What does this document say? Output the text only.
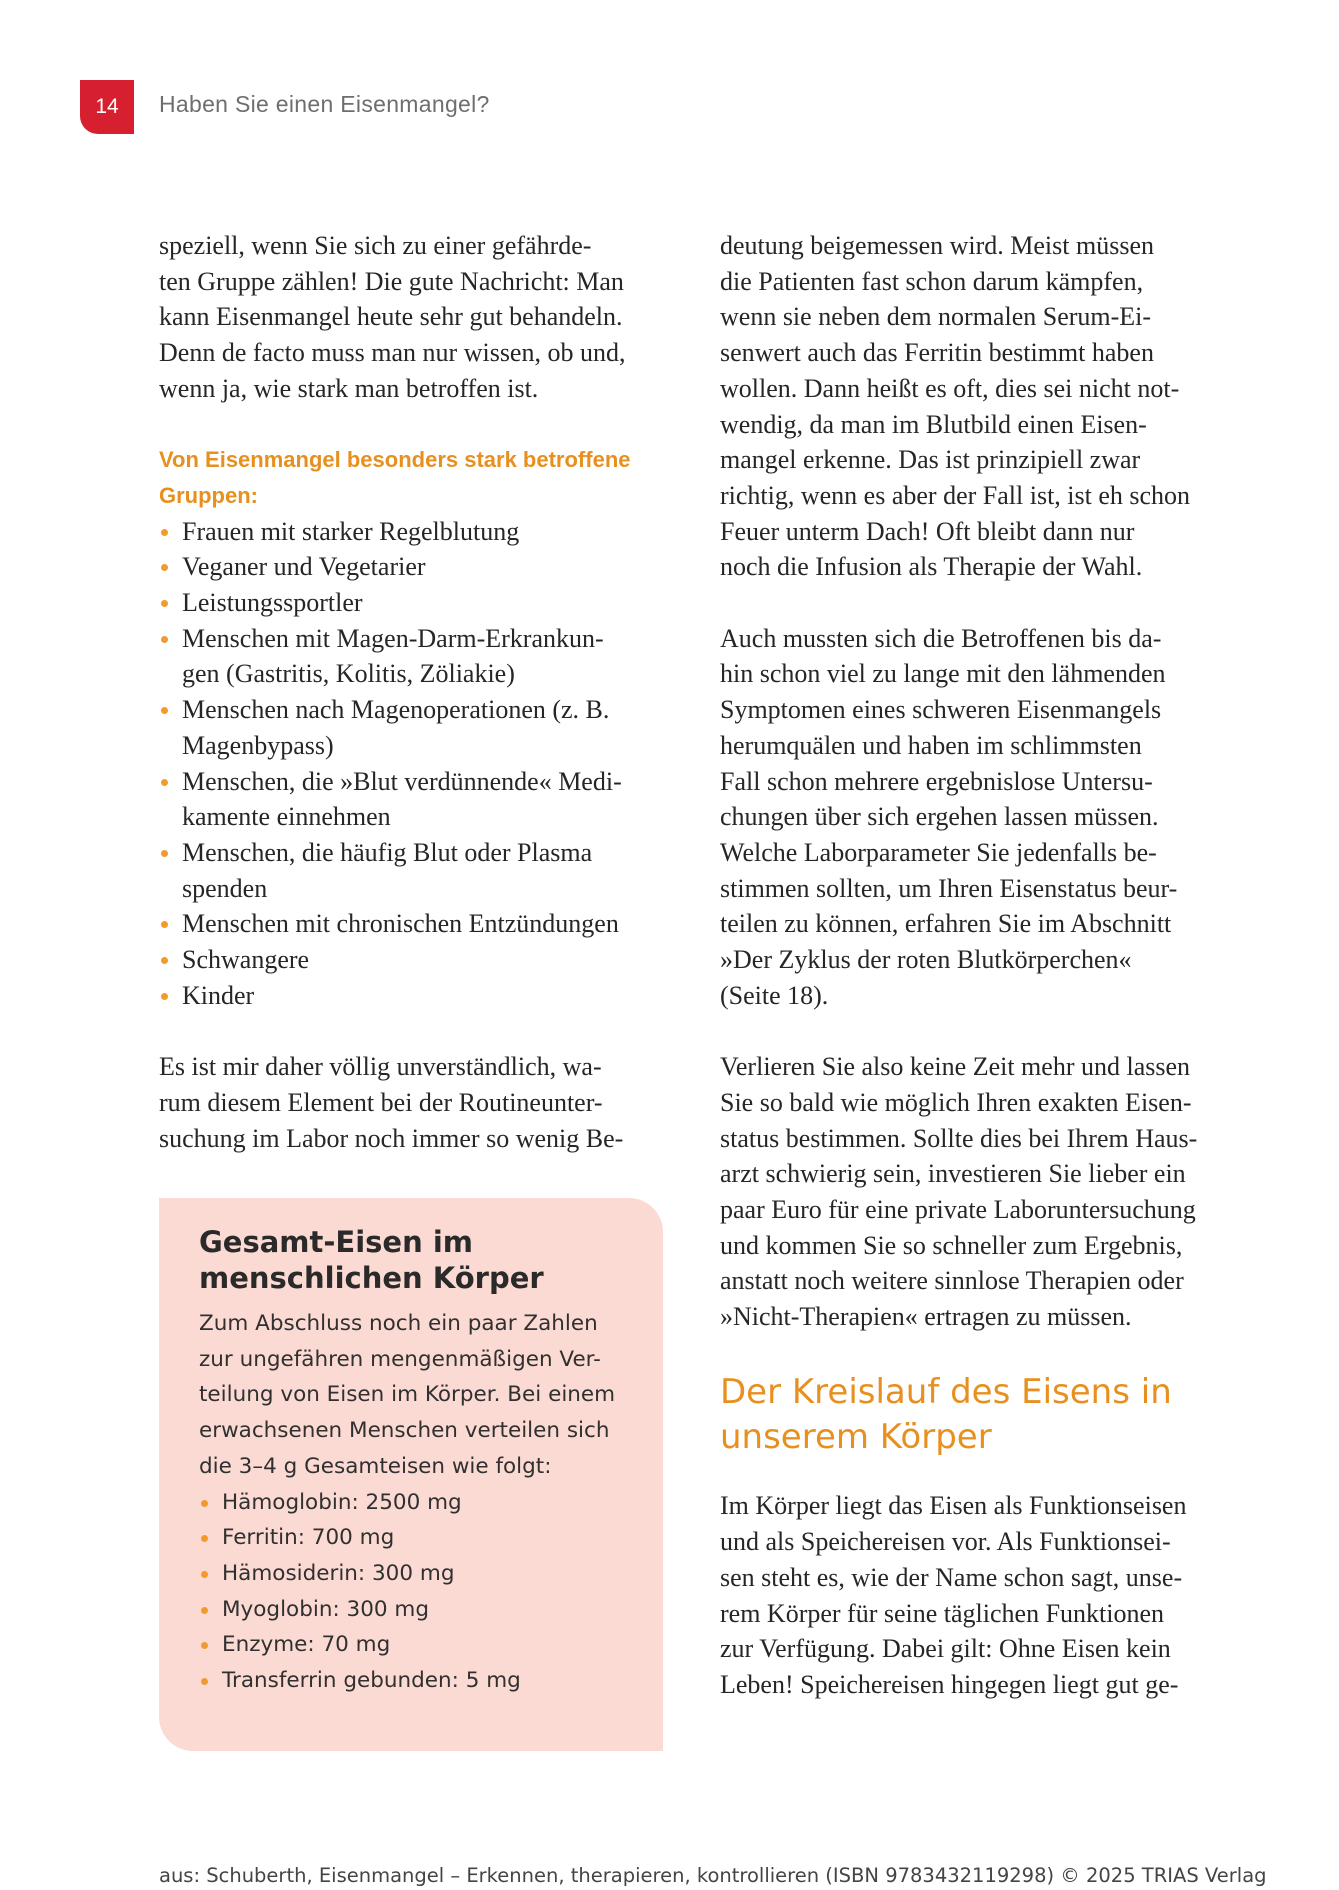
14 Haben Sie einen Eisenmangel?

speziell, wenn Sie sich zu einer gefährde-
ten Gruppe zählen! Die gute Nachricht: Man
kann Eisenmangel heute sehr gut behandeln.
Denn de facto muss man nur wissen, ob und,
wenn ja, wie stark man betroffen ist.

Von Eisenmangel besonders stark betroffene
Gruppen:

Frauen mit starker Regelblutung
Veganer und Vegetarier
Leistungssportler
Menschen mit Magen-Darm-Erkrankun-
gen (Gastritis, Kolitis, Zöliakie)
Menschen nach Magenoperationen (z. B.
Magenbypass)
Menschen, die »Blut verdünnende« Medi-
kamente einnehmen
Menschen, die häufig Blut oder Plasma
spenden
Menschen mit chronischen Entzündungen
Schwangere
Kinder

Es ist mir daher völlig unverständlich, wa-
rum diesem Element bei der Routineunter-
suchung im Labor noch immer so wenig Be-

Gesamt-Eisen im
menschlichen Körper
Zum Abschluss noch ein paar Zahlen
zur ungefähren mengenmäßigen Ver-
teilung von Eisen im Körper. Bei einem
erwachsenen Menschen verteilen sich
die 3–4 g Gesamteisen wie folgt:
Hämoglobin: 2500 mg
Ferritin: 700 mg
Hämosiderin: 300 mg
Myoglobin: 300 mg
Enzyme: 70 mg
Transferrin gebunden: 5 mg

deutung beigemessen wird. Meist müssen
die Patienten fast schon darum kämpfen,
wenn sie neben dem normalen Serum-Ei-
senwert auch das Ferritin bestimmt haben
wollen. Dann heißt es oft, dies sei nicht not-
wendig, da man im Blutbild einen Eisen-
mangel erkenne. Das ist prinzipiell zwar
richtig, wenn es aber der Fall ist, ist eh schon
Feuer unterm Dach! Oft bleibt dann nur
noch die Infusion als Therapie der Wahl.

Auch mussten sich die Betroffenen bis da-
hin schon viel zu lange mit den lähmenden
Symptomen eines schweren Eisenmangels
herumquälen und haben im schlimmsten
Fall schon mehrere ergebnislose Untersu-
chungen über sich ergehen lassen müssen.
Welche Laborparameter Sie jedenfalls be-
stimmen sollten, um Ihren Eisenstatus beur-
teilen zu können, erfahren Sie im Abschnitt
»Der Zyklus der roten Blutkörperchen«
(Seite 18).

Verlieren Sie also keine Zeit mehr und lassen
Sie so bald wie möglich Ihren exakten Eisen-
status bestimmen. Sollte dies bei Ihrem Haus-
arzt schwierig sein, investieren Sie lieber ein
paar Euro für eine private Laboruntersuchung
und kommen Sie so schneller zum Ergebnis,
anstatt noch weitere sinnlose Therapien oder
»Nicht-Therapien« ertragen zu müssen.

Der Kreislauf des Eisens in
unserem Körper

Im Körper liegt das Eisen als Funktionseisen
und als Speichereisen vor. Als Funktionsei-
sen steht es, wie der Name schon sagt, unse-
rem Körper für seine täglichen Funktionen
zur Verfügung. Dabei gilt: Ohne Eisen kein
Leben! Speichereisen hingegen liegt gut ge-

aus: Schuberth, Eisenmangel – Erkennen, therapieren, kontrollieren (ISBN 9783432119298) © 2025 TRIAS Verlag
